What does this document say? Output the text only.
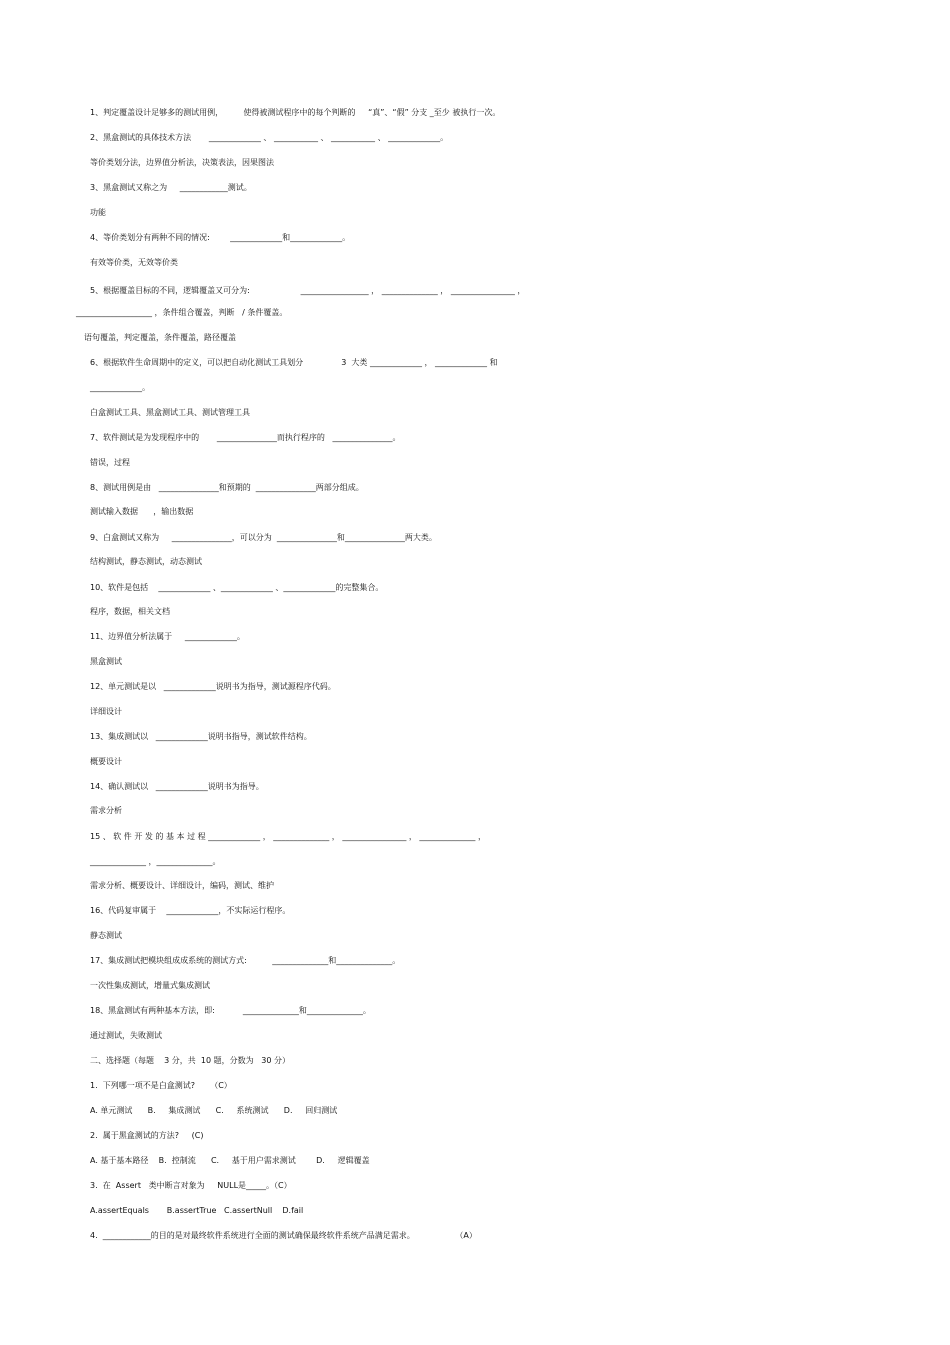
1、判定覆盖设计足够多的测试用例，        使得被测试程序中的每个判断的     “真”、“假” 分支 _至少 被执行一次。
2、黑盒测试的具体技术方法       _____________ 、 ___________ 、 ___________ 、 _____________。
等价类划分法，边界值分析法，决策表法，因果图法
3、黑盒测试又称之为     ____________测试。
功能
4、等价类划分有两种不同的情况:        _____________和_____________。
有效等价类，无效等价类
5、根据覆盖目标的不同，逻辑覆盖又可分为:                    _________________ ， ______________ ， ________________ ，
___________________ ，条件组合覆盖，判断   / 条件覆盖。
语句覆盖，判定覆盖，条件覆盖，路径覆盖
6、根据软件生命周期中的定义，可以把自动化测试工具划分               3  大类 _____________ ， _____________ 和
_____________。
白盒测试工具、黑盒测试工具、测试管理工具
7、软件测试是为发现程序中的       _______________而执行程序的   _______________。
错误，过程
8、测试用例是由   _______________和预期的  _______________两部分组成。
测试输入数据      ，输出数据
9、白盒测试又称为     _______________，可以分为  _______________和_______________两大类。
结构测试，静态测试，动态测试
10、软件是包括    _____________ 、_____________ 、_____________的完整集合。
程序，数据，相关文档
11、边界值分析法属于     _____________。
黑盒测试
12、单元测试是以   _____________说明书为指导，测试源程序代码。
详细设计
13、集成测试以   _____________说明书指导，测试软件结构。
概要设计
14、确认测试以   _____________说明书为指导。
需求分析
15 、 软 件 开 发 的 基 本 过 程 _____________ ， ______________ ， ________________ ， ______________ ，
______________ ，______________。
需求分析、概要设计、详细设计，编码，测试、维护
16、代码复审属于    _____________，不实际运行程序。
静态测试
17、集成测试把模块组成成系统的测试方式:          ______________和______________。
一次性集成测试，增量式集成测试
18、黑盒测试有两种基本方法，即:           ______________和______________。
通过测试，失败测试
二、选择题（每题    3 分，共  10 题，分数为   30 分）
1.  下列哪一项不是白盒测试?      （C）
A. 单元测试      B.     集成测试      C.     系统测试      D.     回归测试
2.  属于黑盒测试的方法?     (C)
A. 基于基本路径    B.  控制流      C.     基于用户需求测试        D.     逻辑覆盖
3.  在  Assert   类中断言对象为     NULL是_____。（C）
A.assertEquals       B.assertTrue   C.assertNull    D.fail
4.  ____________的目的是对最终软件系统进行全面的测试确保最终软件系统产品满足需求。                （A）
